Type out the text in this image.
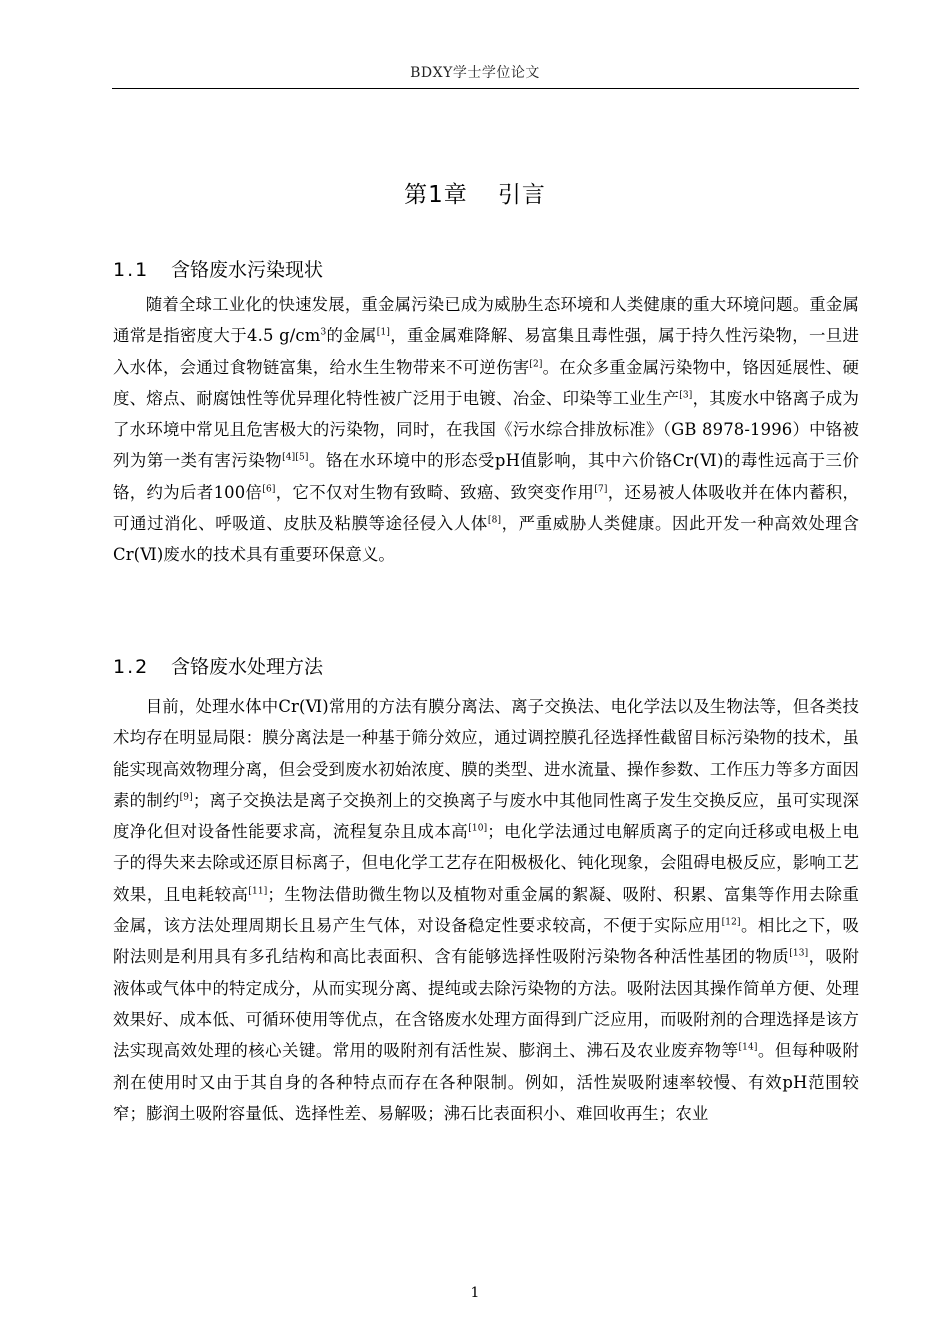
BDXY学士学位论文
第1章 引言
1.1 含铬废水污染现状

随着全球工业化的快速发展，重金属污染已成为威胁生态环境和人类健康的重大环境问题。重金属通常是指密度大于4.5 $g/cm^3$的金属[1]，重金属难降解、易富集且毒性强，属于持久性污染物，一旦进入水体，会通过食物链富集，给水生生物带来不可逆伤害[2]。在众多重金属污染物中，铬因延展性、硬度、熔点、耐腐蚀性等优异理化特性被广泛用于电镀、冶金、印染等工业生产[3]，其废水中铬离子成为了水环境中常见且危害极大的污染物，同时，在我国《污水综合排放标准》（GB 8978-1996）中铬被列为第一类有害污染物[4][5]。铬在水环境中的形态受pH值影响，其中六价铬Cr(Ⅵ)的毒性远高于三价铬，约为后者100倍[6]，它不仅对生物有致畸、致癌、致突变作用[7]，还易被人体吸收并在体内蓄积，可通过消化、呼吸道、皮肤及粘膜等途径侵入人体[8]，严重威胁人类健康。因此开发一种高效处理含Cr(Ⅵ)废水的技术具有重要环保意义。

1.2 含铬废水处理方法

目前，处理水体中Cr(Ⅵ)常用的方法有膜分离法、离子交换法、电化学法以及生物法等，但各类技术均存在明显局限：膜分离法是一种基于筛分效应，通过调控膜孔径选择性截留目标污染物的技术，虽能实现高效物理分离，但会受到废水初始浓度、膜的类型、进水流量、操作参数、工作压力等多方面因素的制约[9]；离子交换法是离子交换剂上的交换离子与废水中其他同性离子发生交换反应，虽可实现深度净化但对设备性能要求高，流程复杂且成本高[10]；电化学法通过电解质离子的定向迁移或电极上电子的得失来去除或还原目标离子，但电化学工艺存在阳极极化、钝化现象，会阻碍电极反应，影响工艺效果，且电耗较高[11]；生物法借助微生物以及植物对重金属的絮凝、吸附、积累、富集等作用去除重金属，该方法处理周期长且易产生气体，对设备稳定性要求较高，不便于实际应用[12]。相比之下，吸附法则是利用具有多孔结构和高比表面积、含有能够选择性吸附污染物各种活性基团的物质[13]，吸附液体或气体中的特定成分，从而实现分离、提纯或去除污染物的方法。吸附法因其操作简单方便、处理效果好、成本低、可循环使用等优点，在含铬废水处理方面得到广泛应用，而吸附剂的合理选择是该方法实现高效处理的核心关键。常用的吸附剂有活性炭、膨润土、沸石及农业废弃物等[14]。但每种吸附剂在使用时又由于其自身的各种特点而存在各种限制。例如，活性炭吸附速率较慢、有效pH范围较窄；膨润土吸附容量低、选择性差、易解吸；沸石比表面积小、难回收再生；农业

1
